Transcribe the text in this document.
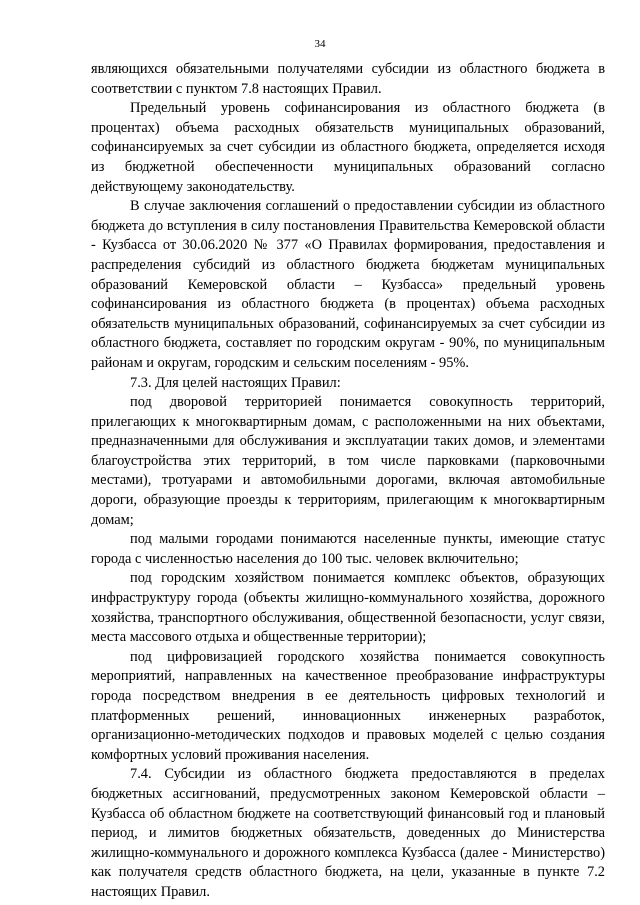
34

являющихся обязательными получателями субсидии из областного бюджета в соответствии с пунктом 7.8 настоящих Правил.

Предельный уровень софинансирования из областного бюджета (в процентах) объема расходных обязательств муниципальных образований, софинансируемых за счет субсидии из областного бюджета, определяется исходя из бюджетной обеспеченности муниципальных образований согласно действующему законодательству.

В случае заключения соглашений о предоставлении субсидии из областного бюджета до вступления в силу постановления Правительства Кемеровской области - Кузбасса от 30.06.2020 № 377 «О Правилах формирования, предоставления и распределения субсидий из областного бюджета бюджетам муниципальных образований Кемеровской области – Кузбасса» предельный уровень софинансирования из областного бюджета (в процентах) объема расходных обязательств муниципальных образований, софинансируемых за счет субсидии из областного бюджета, составляет по городским округам - 90%, по муниципальным районам и округам, городским и сельским поселениям - 95%.

7.3. Для целей настоящих Правил:

под дворовой территорией понимается совокупность территорий, прилегающих к многоквартирным домам, с расположенными на них объектами, предназначенными для обслуживания и эксплуатации таких домов, и элементами благоустройства этих территорий, в том числе парковками (парковочными местами), тротуарами и автомобильными дорогами, включая автомобильные дороги, образующие проезды к территориям, прилегающим к многоквартирным домам;

под малыми городами понимаются населенные пункты, имеющие статус города с численностью населения до 100 тыс. человек включительно;

под городским хозяйством понимается комплекс объектов, образующих инфраструктуру города (объекты жилищно-коммунального хозяйства, дорожного хозяйства, транспортного обслуживания, общественной безопасности, услуг связи, места массового отдыха и общественные территории);

под цифровизацией городского хозяйства понимается совокупность мероприятий, направленных на качественное преобразование инфраструктуры города посредством внедрения в ее деятельность цифровых технологий и платформенных решений, инновационных инженерных разработок, организационно-методических подходов и правовых моделей с целью создания комфортных условий проживания населения.

7.4. Субсидии из областного бюджета предоставляются в пределах бюджетных ассигнований, предусмотренных законом Кемеровской области – Кузбасса об областном бюджете на соответствующий финансовый год и плановый период, и лимитов бюджетных обязательств, доведенных до Министерства жилищно-коммунального и дорожного комплекса Кузбасса (далее - Министерство) как получателя средств областного бюджета, на цели, указанные в пункте 7.2 настоящих Правил.
